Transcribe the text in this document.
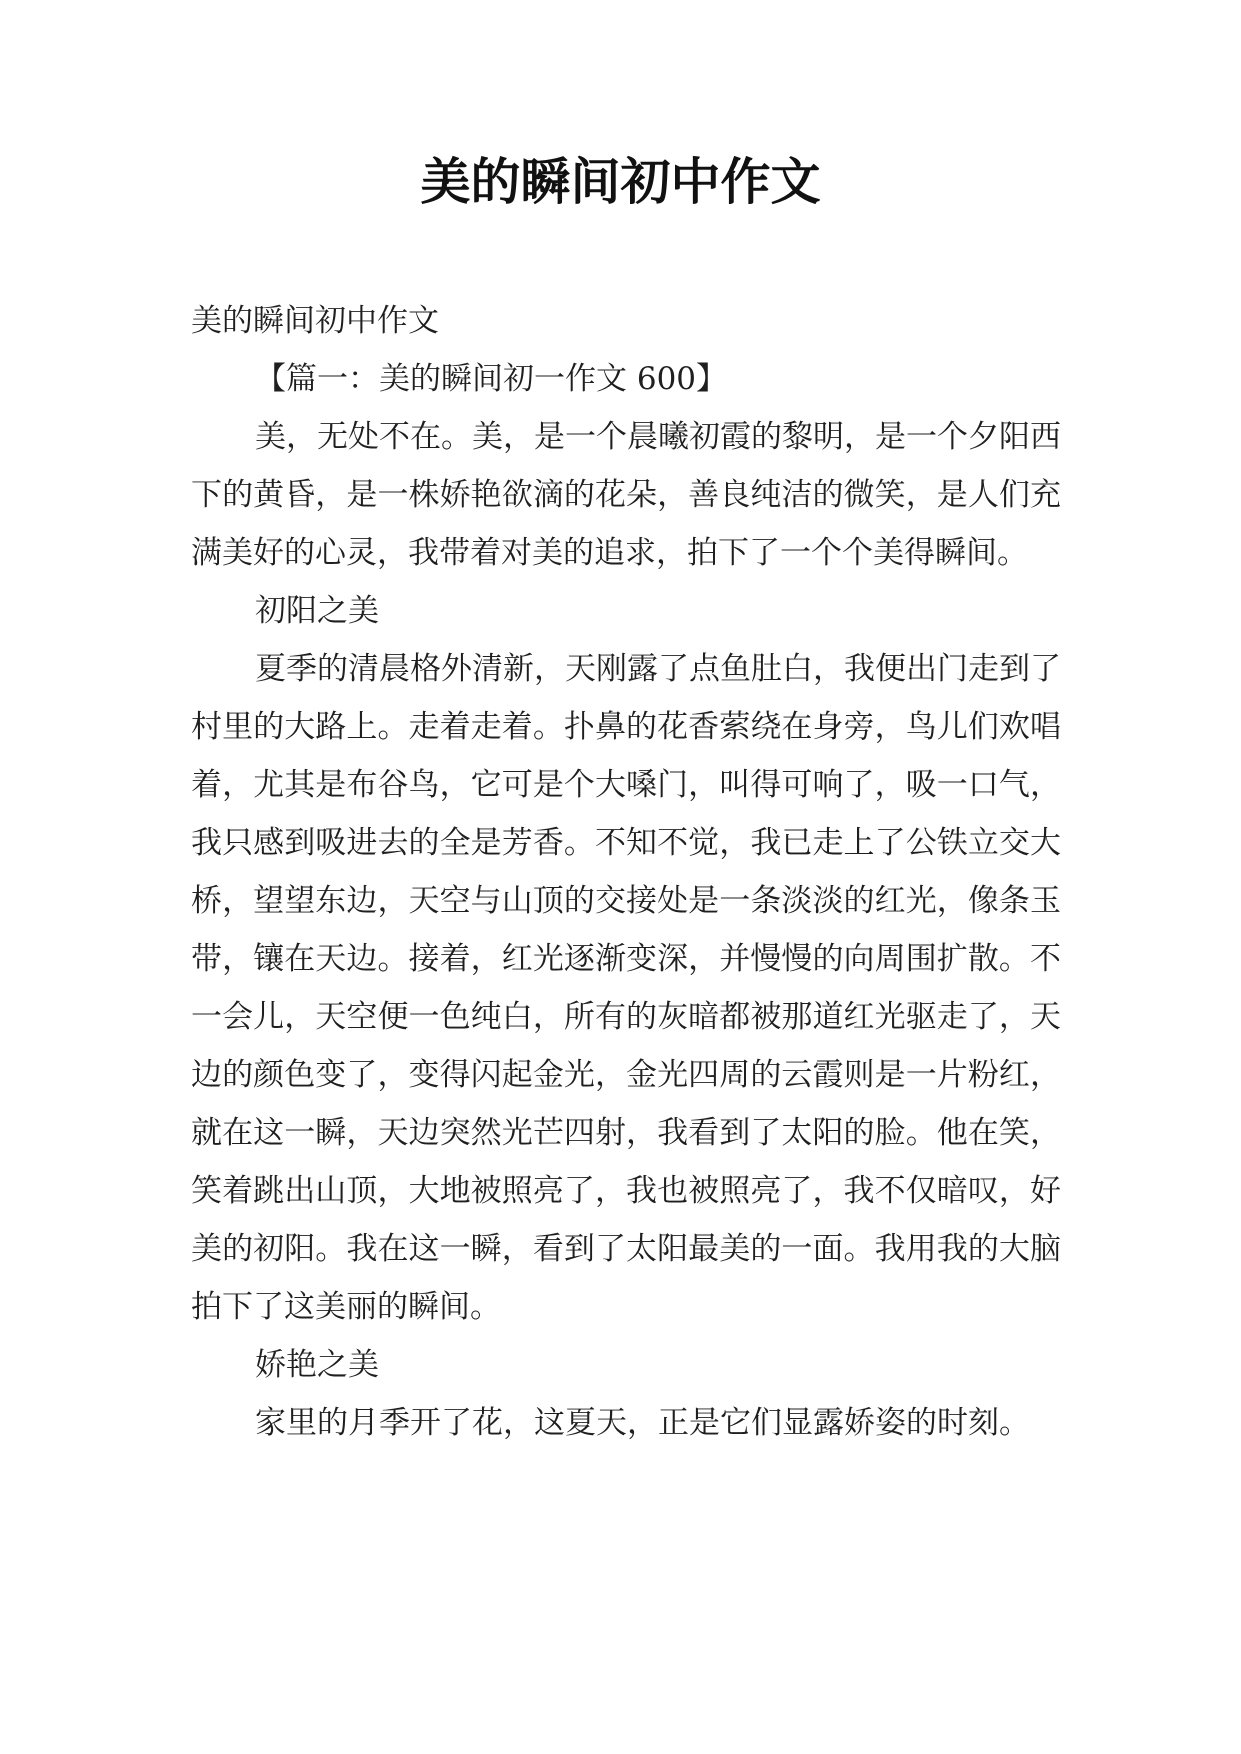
美的瞬间初中作文

美的瞬间初中作文

【篇一：美的瞬间初一作文 600】

美，无处不在。美，是一个晨曦初霞的黎明，是一个夕阳西下的黄昏，是一株娇艳欲滴的花朵，善良纯洁的微笑，是人们充满美好的心灵，我带着对美的追求，拍下了一个个美得瞬间。

初阳之美

夏季的清晨格外清新，天刚露了点鱼肚白，我便出门走到了村里的大路上。走着走着。扑鼻的花香萦绕在身旁，鸟儿们欢唱着，尤其是布谷鸟，它可是个大嗓门，叫得可响了，吸一口气，我只感到吸进去的全是芳香。不知不觉，我已走上了公铁立交大桥，望望东边，天空与山顶的交接处是一条淡淡的红光，像条玉带，镶在天边。接着，红光逐渐变深，并慢慢的向周围扩散。不一会儿，天空便一色纯白，所有的灰暗都被那道红光驱走了，天边的颜色变了，变得闪起金光，金光四周的云霞则是一片粉红，就在这一瞬，天边突然光芒四射，我看到了太阳的脸。他在笑，笑着跳出山顶，大地被照亮了，我也被照亮了，我不仅暗叹，好美的初阳。我在这一瞬，看到了太阳最美的一面。我用我的大脑拍下了这美丽的瞬间。

娇艳之美

家里的月季开了花，这夏天，正是它们显露娇姿的时刻。
